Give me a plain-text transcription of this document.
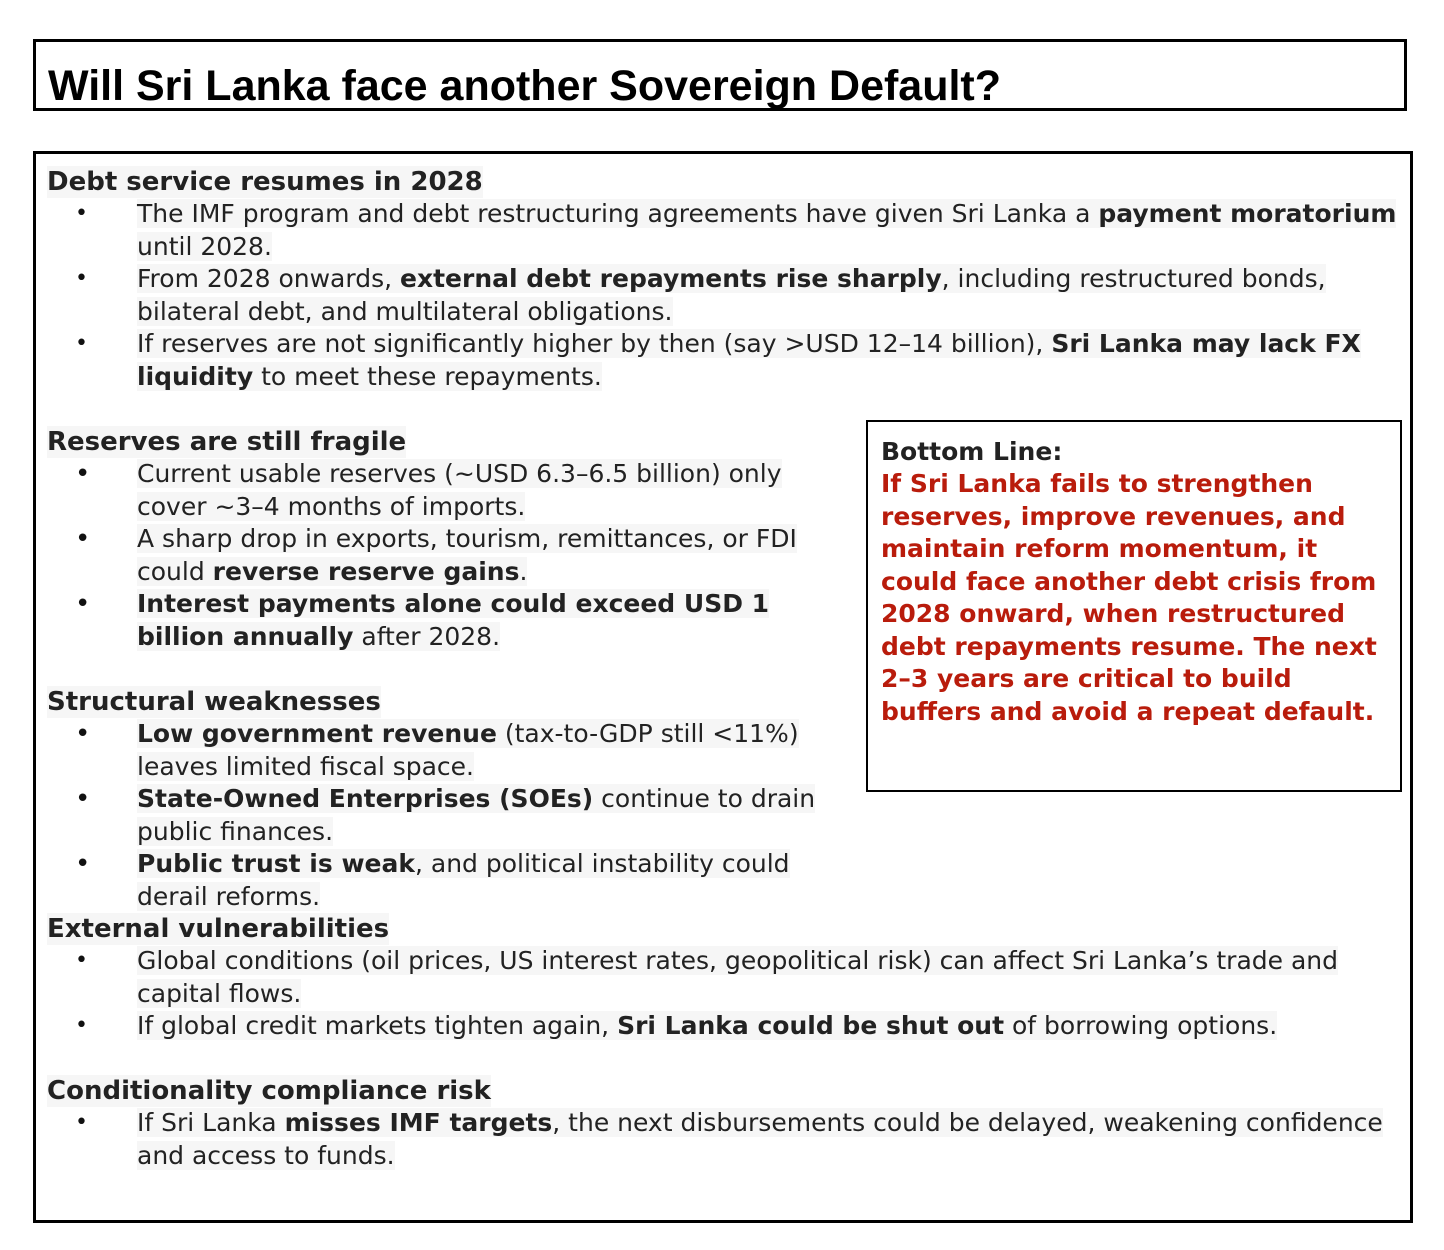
Will Sri Lanka face another Sovereign Default?
Debt service resumes in 2028
• The IMF program and debt restructuring agreements have given Sri Lanka a payment moratorium until 2028.
• From 2028 onwards, external debt repayments rise sharply, including restructured bonds, bilateral debt, and multilateral obligations.
• If reserves are not significantly higher by then (say >USD 12–14 billion), Sri Lanka may lack FX liquidity to meet these repayments.
Reserves are still fragile
• Current usable reserves (~USD 6.3–6.5 billion) only cover ~3–4 months of imports.
• A sharp drop in exports, tourism, remittances, or FDI could reverse reserve gains.
• Interest payments alone could exceed USD 1 billion annually after 2028.
Structural weaknesses
• Low government revenue (tax-to-GDP still <11%) leaves limited fiscal space.
• State-Owned Enterprises (SOEs) continue to drain public finances.
• Public trust is weak, and political instability could derail reforms.
External vulnerabilities
• Global conditions (oil prices, US interest rates, geopolitical risk) can affect Sri Lanka’s trade and capital flows.
• If global credit markets tighten again, Sri Lanka could be shut out of borrowing options.
Conditionality compliance risk
• If Sri Lanka misses IMF targets, the next disbursements could be delayed, weakening confidence and access to funds.

Bottom Line:

If Sri Lanka fails to strengthen reserves, improve revenues, and maintain reform momentum, it could face another debt crisis from 2028 onward, when restructured debt repayments resume. The next 2–3 years are critical to build buffers and avoid a repeat default.
